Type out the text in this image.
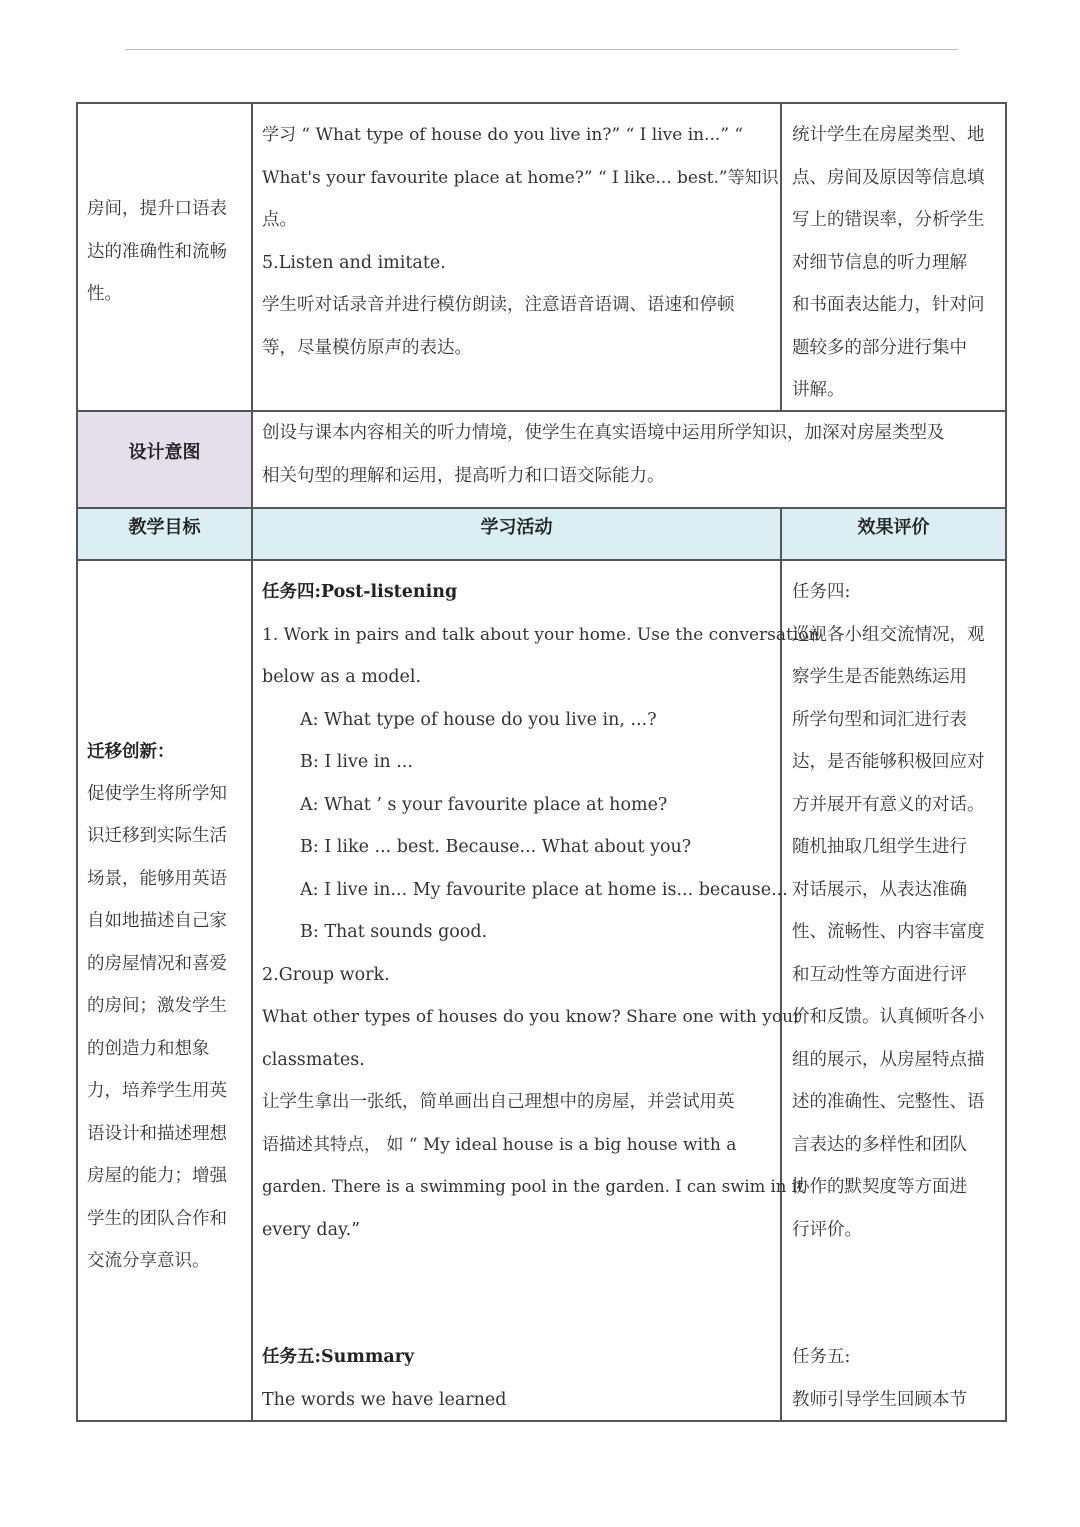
房间，提升口语表
达的准确性和流畅
性。
学习 “ What type of house do you live in?” “ I live in...” “
What's your favourite place at home?” “ I like... best.”等知识
点。
5.Listen and imitate.
学生听对话录音并进行模仿朗读，注意语音语调、语速和停顿
等，尽量模仿原声的表达。
统计学生在房屋类型、地
点、房间及原因等信息填
写上的错误率，分析学生
对细节信息的听力理解
和书面表达能力，针对问
题较多的部分进行集中
讲解。
设计意图
创设与课本内容相关的听力情境，使学生在真实语境中运用所学知识，加深对房屋类型及
相关句型的理解和运用，提高听力和口语交际能力。
教学目标	学习活动	效果评价
迁移创新：
促使学生将所学知
识迁移到实际生活
场景，能够用英语
自如地描述自己家
的房屋情况和喜爱
的房间；激发学生
的创造力和想象
力，培养学生用英
语设计和描述理想
房屋的能力；增强
学生的团队合作和
交流分享意识。
任务四:Post-listening
1. Work in pairs and talk about your home. Use the conversation
below as a model.
A: What type of house do you live in, ...?
B: I live in ...
A: What ’ s your favourite place at home?
B: I like ... best. Because... What about you?
A: I live in... My favourite place at home is... because...
B: That sounds good.
2.Group work.
What other types of houses do you know? Share one with your
classmates.
让学生拿出一张纸，简单画出自己理想中的房屋，并尝试用英
语描述其特点， 如 “ My ideal house is a big house with a
garden. There is a swimming pool in the garden. I can swim in it
every day.”
任务五:Summary
The words we have learned
任务四:
巡视各小组交流情况，观
察学生是否能熟练运用
所学句型和词汇进行表
达，是否能够积极回应对
方并展开有意义的对话。
随机抽取几组学生进行
对话展示，从表达准确
性、流畅性、内容丰富度
和互动性等方面进行评
价和反馈。认真倾听各小
组的展示，从房屋特点描
述的准确性、完整性、语
言表达的多样性和团队
协作的默契度等方面进
行评价。
任务五:
教师引导学生回顾本节
